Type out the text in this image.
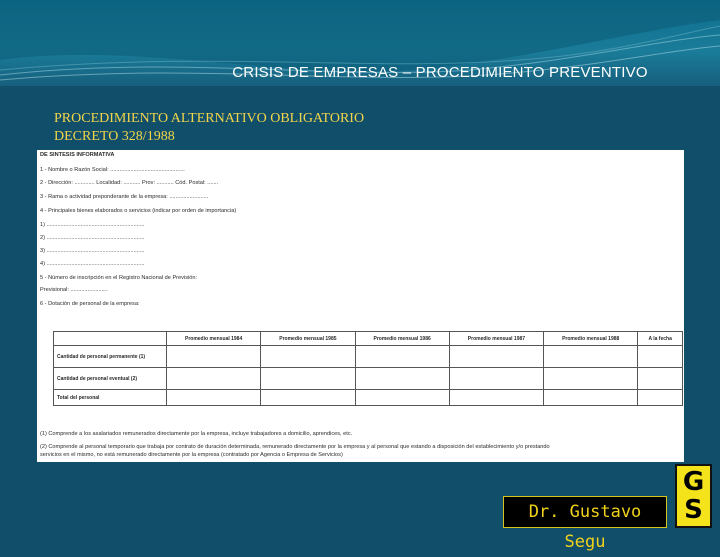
CRISIS DE EMPRESAS – PROCEDIMIENTO PREVENTIVO
PROCEDIMIENTO ALTERNATIVO OBLIGATORIO
DECRETO 328/1988
DE SINTESIS INFORMATIVA
1 - Nombre o Razón Social: ................................................
2 - Dirección: ............. Localidad: ........... Prov: ........... Cód. Postal: .......
3 - Rama o actividad preponderante de la empresa: .........................
4 - Principales bienes elaborados o servicios (indicar por orden de importancia)
1) ...............................................................
2) ...............................................................
3) ...............................................................
4) ...............................................................
5 - Número de inscripción en el Registro Nacional de Previsión:
Previsional: ........................
6 - Dotación de personal de la empresa:
	Promedio mensual 1984	Promedio mensual 1985	Promedio mensual 1986	Promedio mensual 1987	Promedio mensual 1988	A la fecha
Cantidad de personal permanente (1)						
Cantidad de personal eventual (2)						
Total del personal						
(1) Comprende a los asalariados remunerados directamente por la empresa, incluye trabajadores a domicilio, aprendices, etc.
(2) Comprende al personal temporario que trabaja por contrato de duración determinada, remunerado directamente por la empresa y al personal que estando a disposición del establecimiento y/o prestando
servicios en el mismo, no está remunerado directamente por la empresa (contratado por Agencia o Empresa de Servicios)
Dr. Gustavo Segu
G
S
